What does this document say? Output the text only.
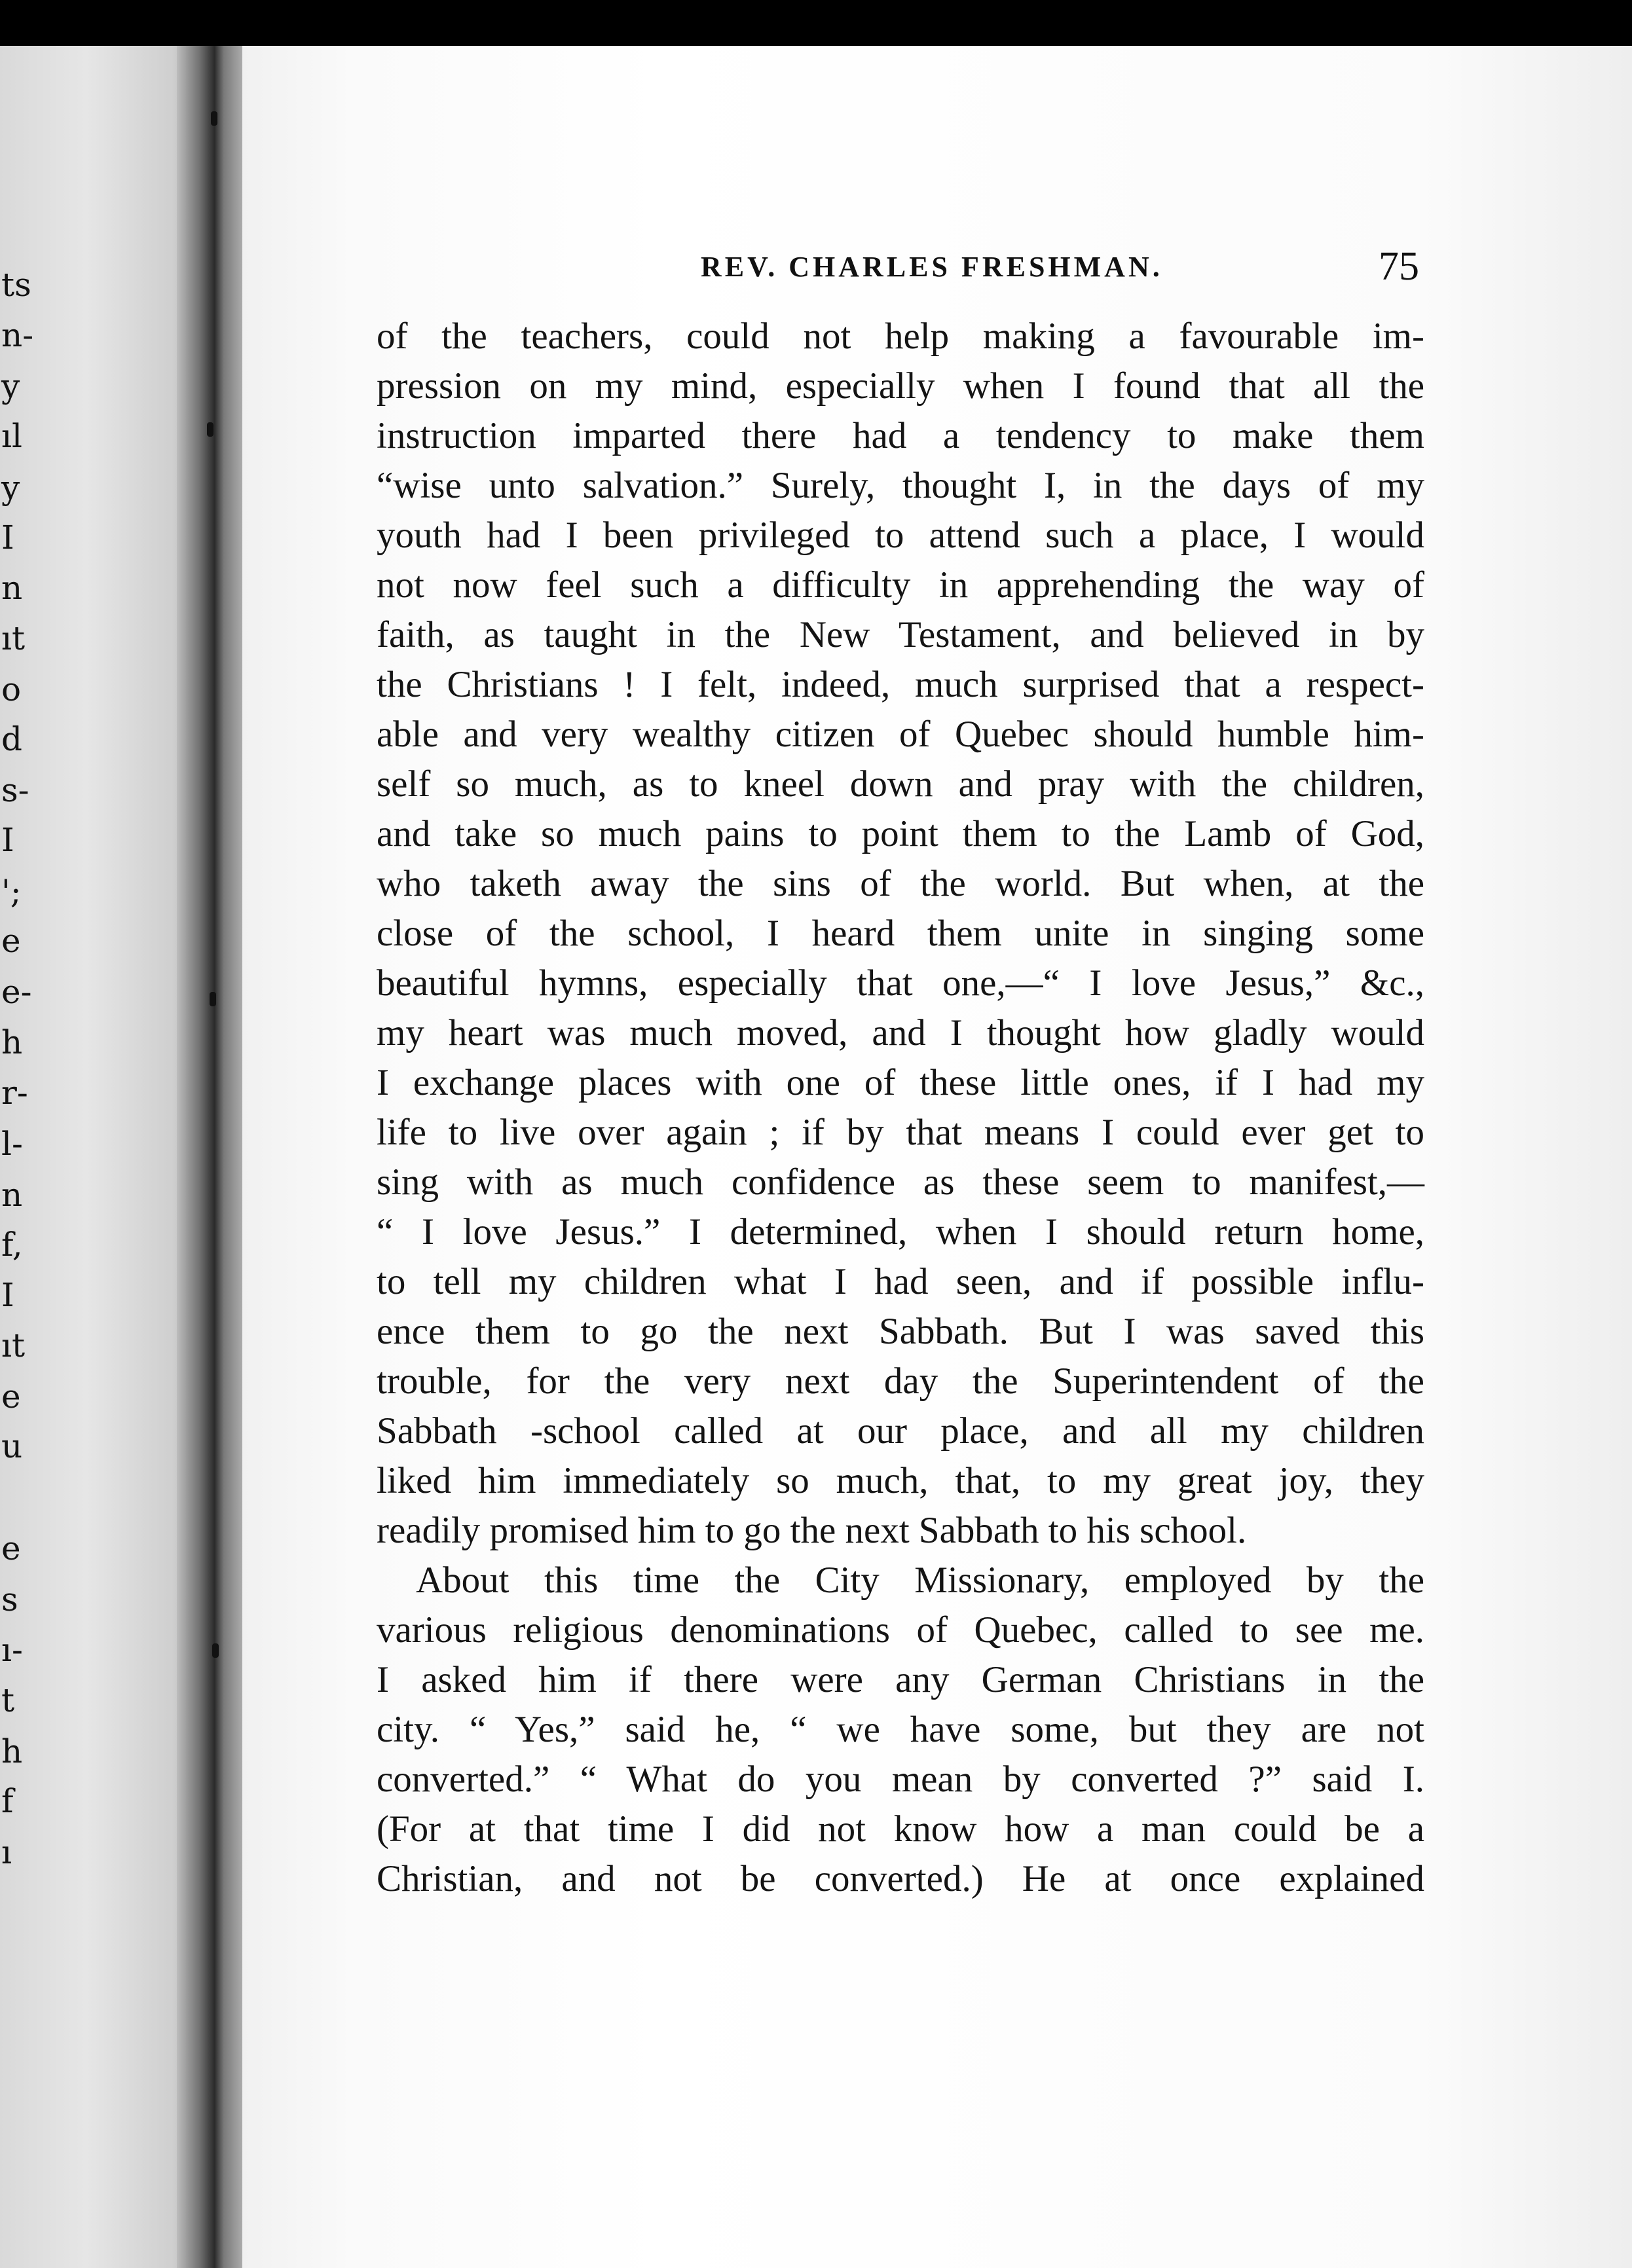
ts
n-
y
ıl
y
I
n
ıt
o
d
s-
I
';
e
e-
h
r-
l-
n
f,
I
ıt
e
u
e
s
ı-
t
h
f
ı
REV. CHARLES FRESHMAN.	75
of the teachers, could not help making a favourable im-
pression on my mind, especially when I found that all the
instruction imparted there had a tendency to make them
“wise unto salvation.” Surely, thought I, in the days of my
youth had I been privileged to attend such a place, I would
not now feel such a difficulty in apprehending the way of
faith, as taught in the New Testament, and believed in by
the Christians ! I felt, indeed, much surprised that a respect-
able and very wealthy citizen of Quebec should humble him-
self so much, as to kneel down and pray with the children,
and take so much pains to point them to the Lamb of God,
who taketh away the sins of the world. But when, at the
close of the school, I heard them unite in singing some
beautiful hymns, especially that one,—“ I love Jesus,” &c.,
my heart was much moved, and I thought how gladly would
I exchange places with one of these little ones, if I had my
life to live over again ; if by that means I could ever get to
sing with as much confidence as these seem to manifest,—
“ I love Jesus.” I determined, when I should return home,
to tell my children what I had seen, and if possible influ-
ence them to go the next Sabbath. But I was saved this
trouble, for the very next day the Superintendent of the
Sabbath -school called at our place, and all my children
liked him immediately so much, that, to my great joy, they
readily promised him to go the next Sabbath to his school.
About this time the City Missionary, employed by the
various religious denominations of Quebec, called to see me.
I asked him if there were any German Christians in the
city. “ Yes,” said he, “ we have some, but they are not
converted.” “ What do you mean by converted ?” said I.
(For at that time I did not know how a man could be a
Christian, and not be converted.) He at once explained
